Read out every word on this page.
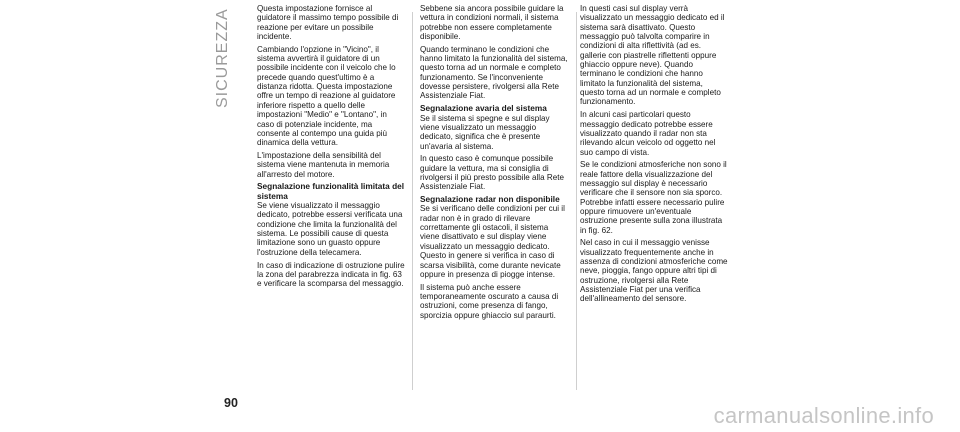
SICUREZZA	Questa impostazione fornisce al guidatore il massimo tempo possibile di reazione per evitare un possibile incidente.

Cambiando l'opzione in "Vicino", il sistema avvertirà il guidatore di un possibile incidente con il veicolo che lo precede quando quest'ultimo è a distanza ridotta. Questa impostazione offre un tempo di reazione al guidatore inferiore rispetto a quello delle impostazioni "Medio" e "Lontano", in caso di potenziale incidente, ma consente al contempo una guida più dinamica della vettura.

L'impostazione della sensibilità del sistema viene mantenuta in memoria all'arresto del motore.

Segnalazione funzionalità limitata del sistema

Se viene visualizzato il messaggio dedicato, potrebbe essersi verificata una condizione che limita la funzionalità del sistema. Le possibili cause di questa limitazione sono un guasto oppure l'ostruzione della telecamera.

In caso di indicazione di ostruzione pulire la zona del parabrezza indicata in fig. 63 e verificare la scomparsa del messaggio.

Sebbene sia ancora possibile guidare la vettura in condizioni normali, il sistema potrebbe non essere completamente disponibile.

Quando terminano le condizioni che hanno limitato la funzionalità del sistema, questo torna ad un normale e completo funzionamento. Se l'inconveniente dovesse persistere, rivolgersi alla Rete Assistenziale Fiat.

Segnalazione avaria del sistema

Se il sistema si spegne e sul display viene visualizzato un messaggio dedicato, significa che è presente un'avaria al sistema.

In questo caso è comunque possibile guidare la vettura, ma si consiglia di rivolgersi il più presto possibile alla Rete Assistenziale Fiat.

Segnalazione radar non disponibile

Se si verificano delle condizioni per cui il radar non è in grado di rilevare correttamente gli ostacoli, il sistema viene disattivato e sul display viene visualizzato un messaggio dedicato. Questo in genere si verifica in caso di scarsa visibilità, come durante nevicate oppure in presenza di piogge intense.

Il sistema può anche essere temporaneamente oscurato a causa di ostruzioni, come presenza di fango, sporcizia oppure ghiaccio sul paraurti.

In questi casi sul display verrà visualizzato un messaggio dedicato ed il sistema sarà disattivato. Questo messaggio può talvolta comparire in condizioni di alta riflettività (ad es. gallerie con piastrelle riflettenti oppure ghiaccio oppure neve). Quando terminano le condizioni che hanno limitato la funzionalità del sistema, questo torna ad un normale e completo funzionamento.

In alcuni casi particolari questo messaggio dedicato potrebbe essere visualizzato quando il radar non sta rilevando alcun veicolo od oggetto nel suo campo di vista.

Se le condizioni atmosferiche non sono il reale fattore della visualizzazione del messaggio sul display è necessario verificare che il sensore non sia sporco. Potrebbe infatti essere necessario pulire oppure rimuovere un'eventuale ostruzione presente sulla zona illustrata in fig. 62.

Nel caso in cui il messaggio venisse visualizzato frequentemente anche in assenza di condizioni atmosferiche come neve, pioggia, fango oppure altri tipi di ostruzione, rivolgersi alla Rete Assistenziale Fiat per una verifica dell'allineamento del sensore.

90	carmanualsonline.info
